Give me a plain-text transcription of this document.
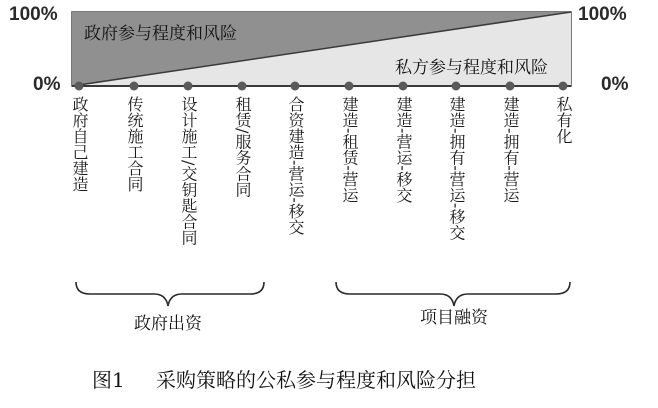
100%
0%
100%
0%
政府参与程度和风险
私方参与程度和风险
政府自己建造 传统施工合同 设计施工/交钥匙合同 租赁/服务合同 合资建造-营运-移交 建造-租赁-营运 建造-营运-移交 建造-拥有-营运-移交 建造-拥有-营运 私有化
政府出资	项目融资
图1 采购策略的公私参与程度和风险分担
